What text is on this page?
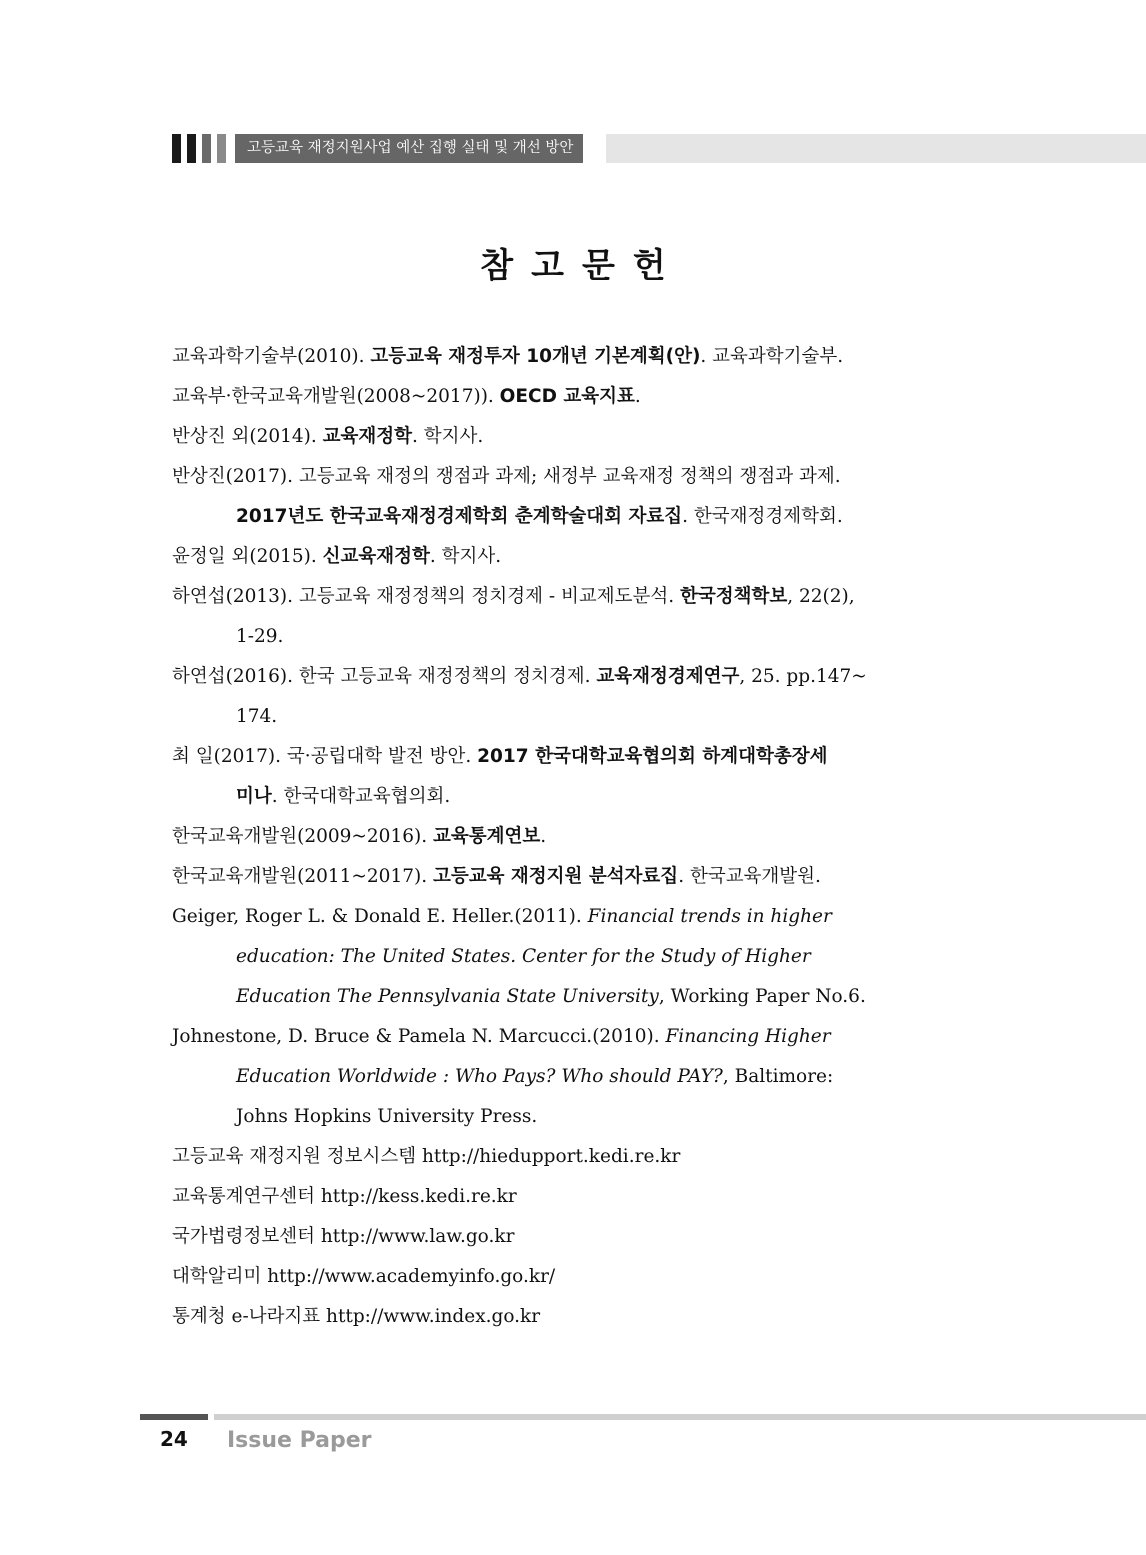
고등교육 재정지원사업 예산 집행 실태 및 개선 방안
참고문헌
교육과학기술부(2010). 고등교육 재정투자 10개년 기본계획(안). 교육과학기술부.
교육부·한국교육개발원(2008~2017)). OECD 교육지표.
반상진 외(2014). 교육재정학. 학지사.
반상진(2017). 고등교육 재정의 쟁점과 과제; 새정부 교육재정 정책의 쟁점과 과제.
2017년도 한국교육재정경제학회 춘계학술대회 자료집. 한국재정경제학회.
윤정일 외(2015). 신교육재정학. 학지사.
하연섭(2013). 고등교육 재정정책의 정치경제 - 비교제도분석. 한국정책학보, 22(2),
1-29.
하연섭(2016). 한국 고등교육 재정정책의 정치경제. 교육재정경제연구, 25. pp.147~
174.
최 일(2017). 국·공립대학 발전 방안. 2017 한국대학교육협의회 하계대학총장세
미나. 한국대학교육협의회.
한국교육개발원(2009~2016). 교육통계연보.
한국교육개발원(2011~2017). 고등교육 재정지원 분석자료집. 한국교육개발원.
Geiger, Roger L. & Donald E. Heller.(2011). Financial trends in higher
education: The United States. Center for the Study of Higher
Education The Pennsylvania State University, Working Paper No.6.
Johnestone, D. Bruce & Pamela N. Marcucci.(2010). Financing Higher
Education Worldwide : Who Pays? Who should PAY?, Baltimore:
Johns Hopkins University Press.
고등교육 재정지원 정보시스템 http://hiedupport.kedi.re.kr
교육통계연구센터 http://kess.kedi.re.kr
국가법령정보센터 http://www.law.go.kr
대학알리미 http://www.academyinfo.go.kr/
통계청 e-나라지표 http://www.index.go.kr
24 Issue Paper
